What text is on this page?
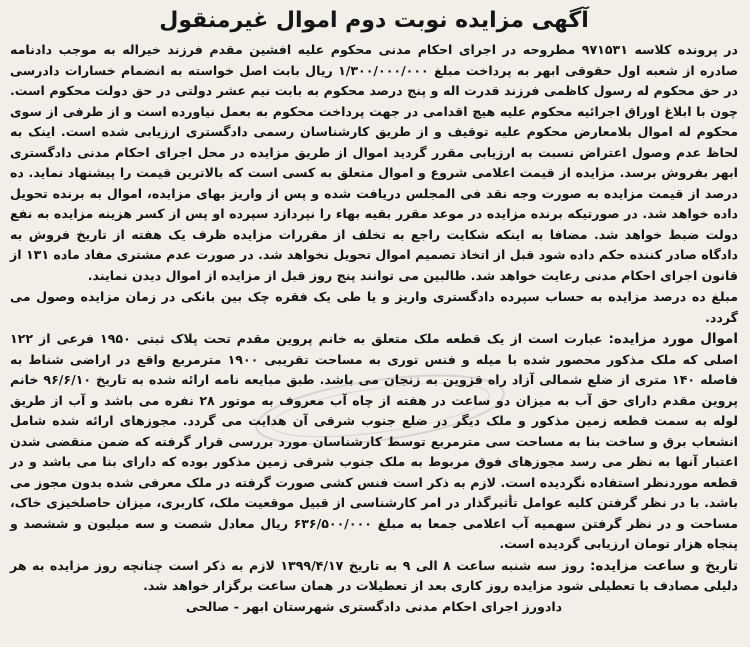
آگهی مزایده نوبت دوم اموال غیرمنقول

در پرونده کلاسه ۹۷۱۵۳۱ مطروحه در اجرای احکام مدنی محکوم علیه افشین مقدم فرزند خیراله به موجب دادنامه صادره از شعبه اول حقوقی ابهر به پرداخت مبلغ ۱/۳۰۰/۰۰۰/۰۰۰ ریال بابت اصل خواسته به انضمام خسارات دادرسی در حق محکوم له رسول کاظمی فرزند قدرت اله و پنج درصد محکوم به بابت نیم عشر دولتی در حق دولت محکوم است. چون با ابلاغ اوراق اجرائیه محکوم علیه هیچ اقدامی در جهت پرداخت محکوم به بعمل نیاورده است و از طرفی از سوی محکوم له اموال بلامعارض محکوم علیه توقیف و از طریق کارشناسان رسمی دادگستری ارزیابی شده است. اینک به لحاظ عدم وصول اعتراض نسبت به ارزیابی مقرر گردید اموال از طریق مزایده در محل اجرای احکام مدنی دادگستری ابهر بفروش برسد. مزایده از قیمت اعلامی شروع و اموال متعلق به کسی است که بالاترین قیمت را پیشنهاد نماید. ده درصد از قیمت مزایده به صورت وجه نقد فی المجلس دریافت شده و پس از واریز بهای مزایده، اموال به برنده تحویل داده خواهد شد. در صورتیکه برنده مزایده در موعد مقرر بقیه بهاء را نپردازد سپرده او پس از کسر هزینه مزایده به نفع دولت ضبط خواهد شد. مضافا به اینکه شکایت راجع به تخلف از مقررات مزایده ظرف یک هفته از تاریخ فروش به دادگاه صادر کننده حکم داده شود قبل از اتخاذ تصمیم اموال تحویل نخواهد شد. در صورت عدم مشتری مفاد ماده ۱۳۱ از قانون اجرای احکام مدنی رعایت خواهد شد. طالبین می توانند پنج روز قبل از مزایده از اموال دیدن نمایند.

مبلغ ده درصد مزایده به حساب سپرده دادگستری واریز و یا طی یک فقره چک بین بانکی در زمان مزایده وصول می گردد.

اموال مورد مزایده: عبارت است از یک قطعه ملک متعلق به خانم پروین مقدم تحت پلاک ثبتی ۱۹۵۰ فرعی از ۱۲۲ اصلی که ملک مذکور محصور شده با میله و فنس توری به مساحت تقریبی ۱۹۰۰ مترمربع واقع در اراضی شناط به فاصله ۱۴۰ متری از ضلع شمالی آزاد راه قزوین به زنجان می باشد. طبق مبایعه نامه ارائه شده به تاریخ ۹۶/۶/۱۰ خانم پروین مقدم دارای حق آب به میزان دو ساعت در هفته از چاه آب معروف به موتور ۲۸ نفره می باشد و آب از طریق لوله به سمت قطعه زمین مذکور و ملک دیگر در ضلع جنوب شرقی آن هدایت می گردد. مجوزهای ارائه شده شامل انشعاب برق و ساخت بنا به مساحت سی مترمربع توسط کارشناسان مورد بررسی قرار گرفته که ضمن منقضی شدن اعتبار آنها به نظر می رسد مجوزهای فوق مربوط به ملک جنوب شرقی زمین مذکور بوده که دارای بنا می باشد و در قطعه موردنظر استفاده نگردیده است. لازم به ذکر است فنس کشی صورت گرفته در ملک معرفی شده بدون مجوز می باشد. با در نظر گرفتن کلیه عوامل تأثیرگذار در امر کارشناسی از قبیل موقعیت ملک، کاربری، میزان حاصلخیزی خاک، مساحت و در نظر گرفتن سهمیه آب اعلامی جمعا به مبلغ ۶۳۶/۵۰۰/۰۰۰ ریال معادل شصت و سه میلیون و ششصد و پنجاه هزار تومان ارزیابی گردیده است.

تاریخ و ساعت مزایده: روز سه شنبه ساعت ۸ الی ۹ به تاریخ ۱۳۹۹/۴/۱۷ لازم به ذکر است چنانچه روز مزایده به هر دلیلی مصادف با تعطیلی شود مزایده روز کاری بعد از تعطیلات در همان ساعت برگزار خواهد شد.

دادورز اجرای احکام مدنی دادگستری شهرستان ابهر - صالحی
